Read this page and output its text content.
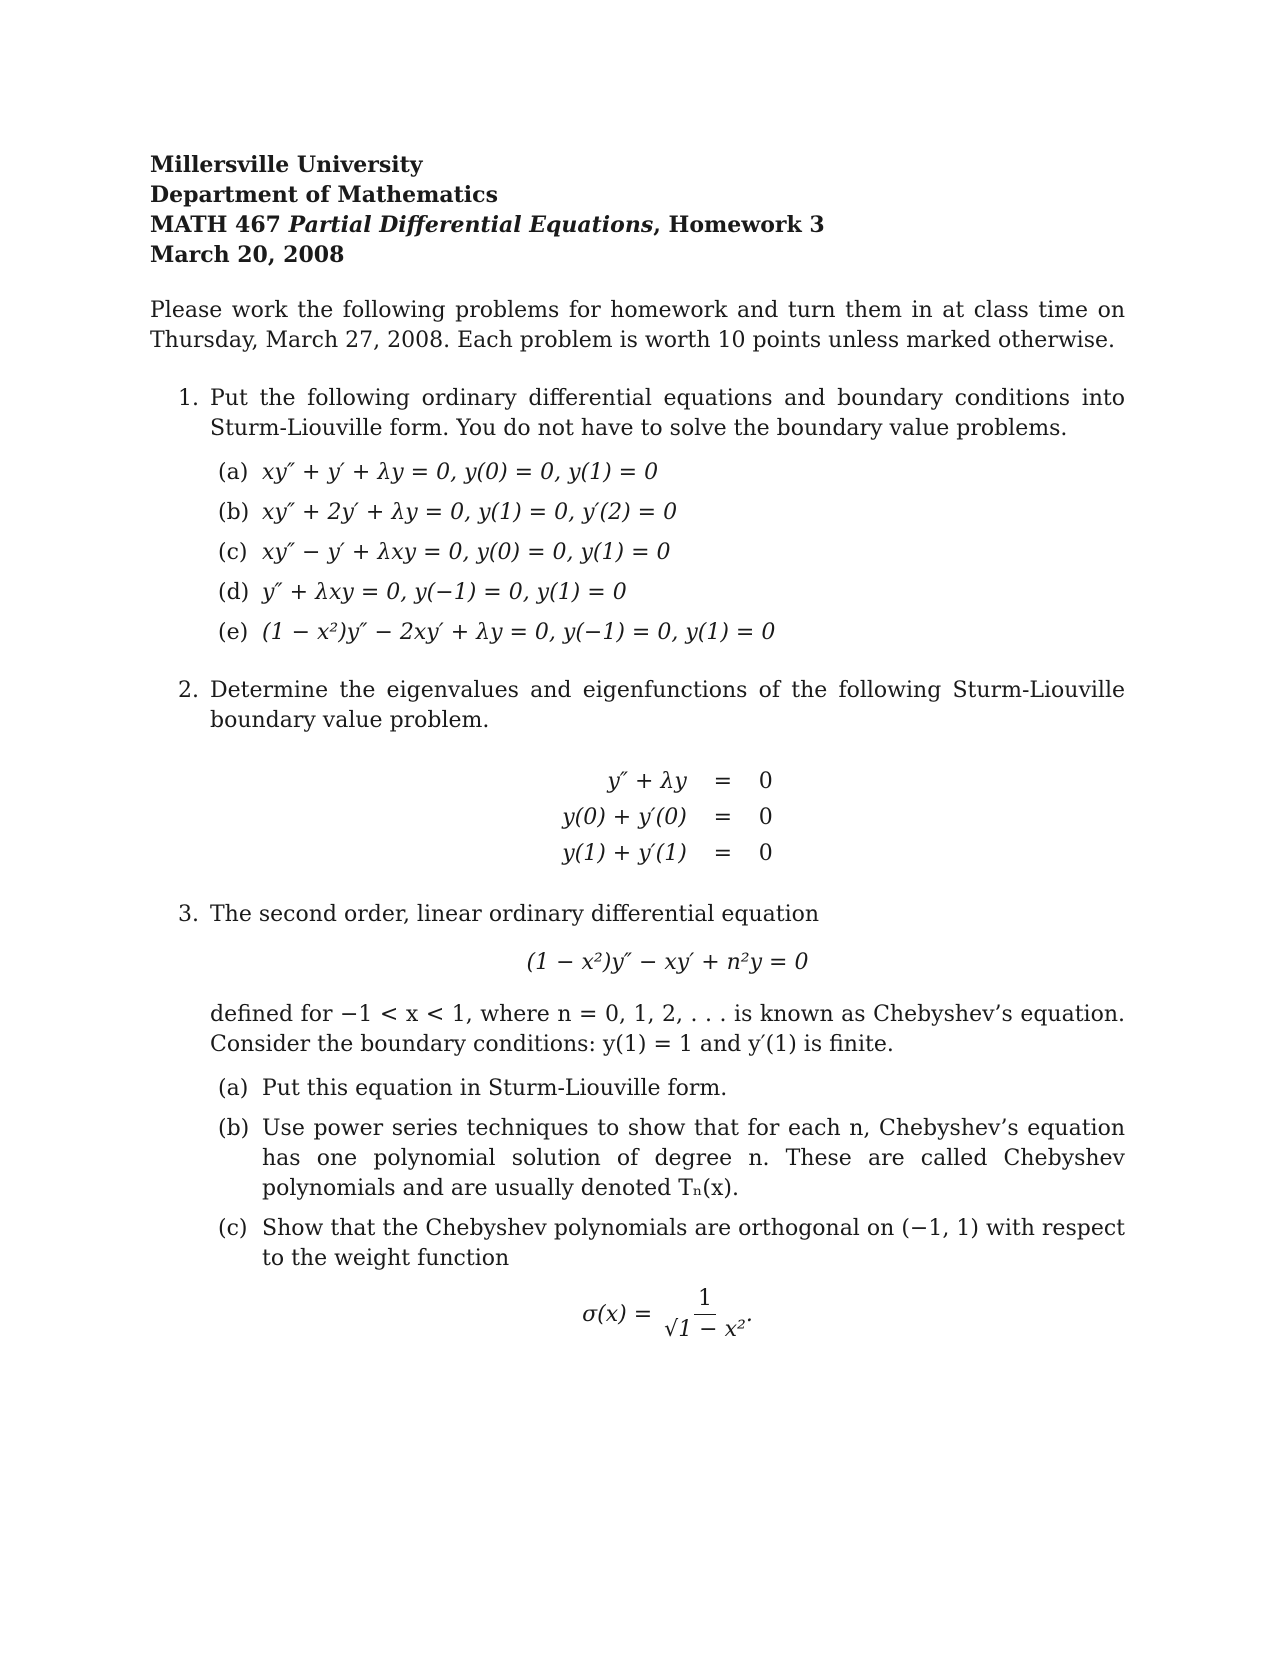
Millersville University
Department of Mathematics
MATH 467 Partial Differential Equations, Homework 3
March 20, 2008

Please work the following problems for homework and turn them in at class time on Thursday, March 27, 2008. Each problem is worth 10 points unless marked otherwise.

1. Put the following ordinary differential equations and boundary conditions into Sturm-Liouville form. You do not have to solve the boundary value problems.

(a) xy″ + y′ + λy = 0, y(0) = 0, y(1) = 0
(b) xy″ + 2y′ + λy = 0, y(1) = 0, y′(2) = 0
(c) xy″ − y′ + λxy = 0, y(0) = 0, y(1) = 0
(d) y″ + λxy = 0, y(−1) = 0, y(1) = 0
(e) (1 − x²)y″ − 2xy′ + λy = 0, y(−1) = 0, y(1) = 0
2. Determine the eigenvalues and eigenfunctions of the following Sturm-Liouville boundary value problem.

y″ + λy	=	0
y(0) + y′(0)	=	0
y(1) + y′(1)	=	0
3. The second order, linear ordinary differential equation

(1 − x²)y″ − xy′ + n²y = 0

defined for −1 < x < 1, where n = 0, 1, 2, . . . is known as Chebyshev’s equation. Consider the boundary conditions: y(1) = 1 and y′(1) is finite.

(a) Put this equation in Sturm-Liouville form.
(b) Use power series techniques to show that for each n, Chebyshev’s equation has one polynomial solution of degree n. These are called Chebyshev polynomials and are usually denoted Tₙ(x).
(c) Show that the Chebyshev polynomials are orthogonal on (−1, 1) with respect to the weight function
$\sigma(x) = \frac{1}{\text{√1 − x²}}$ .
